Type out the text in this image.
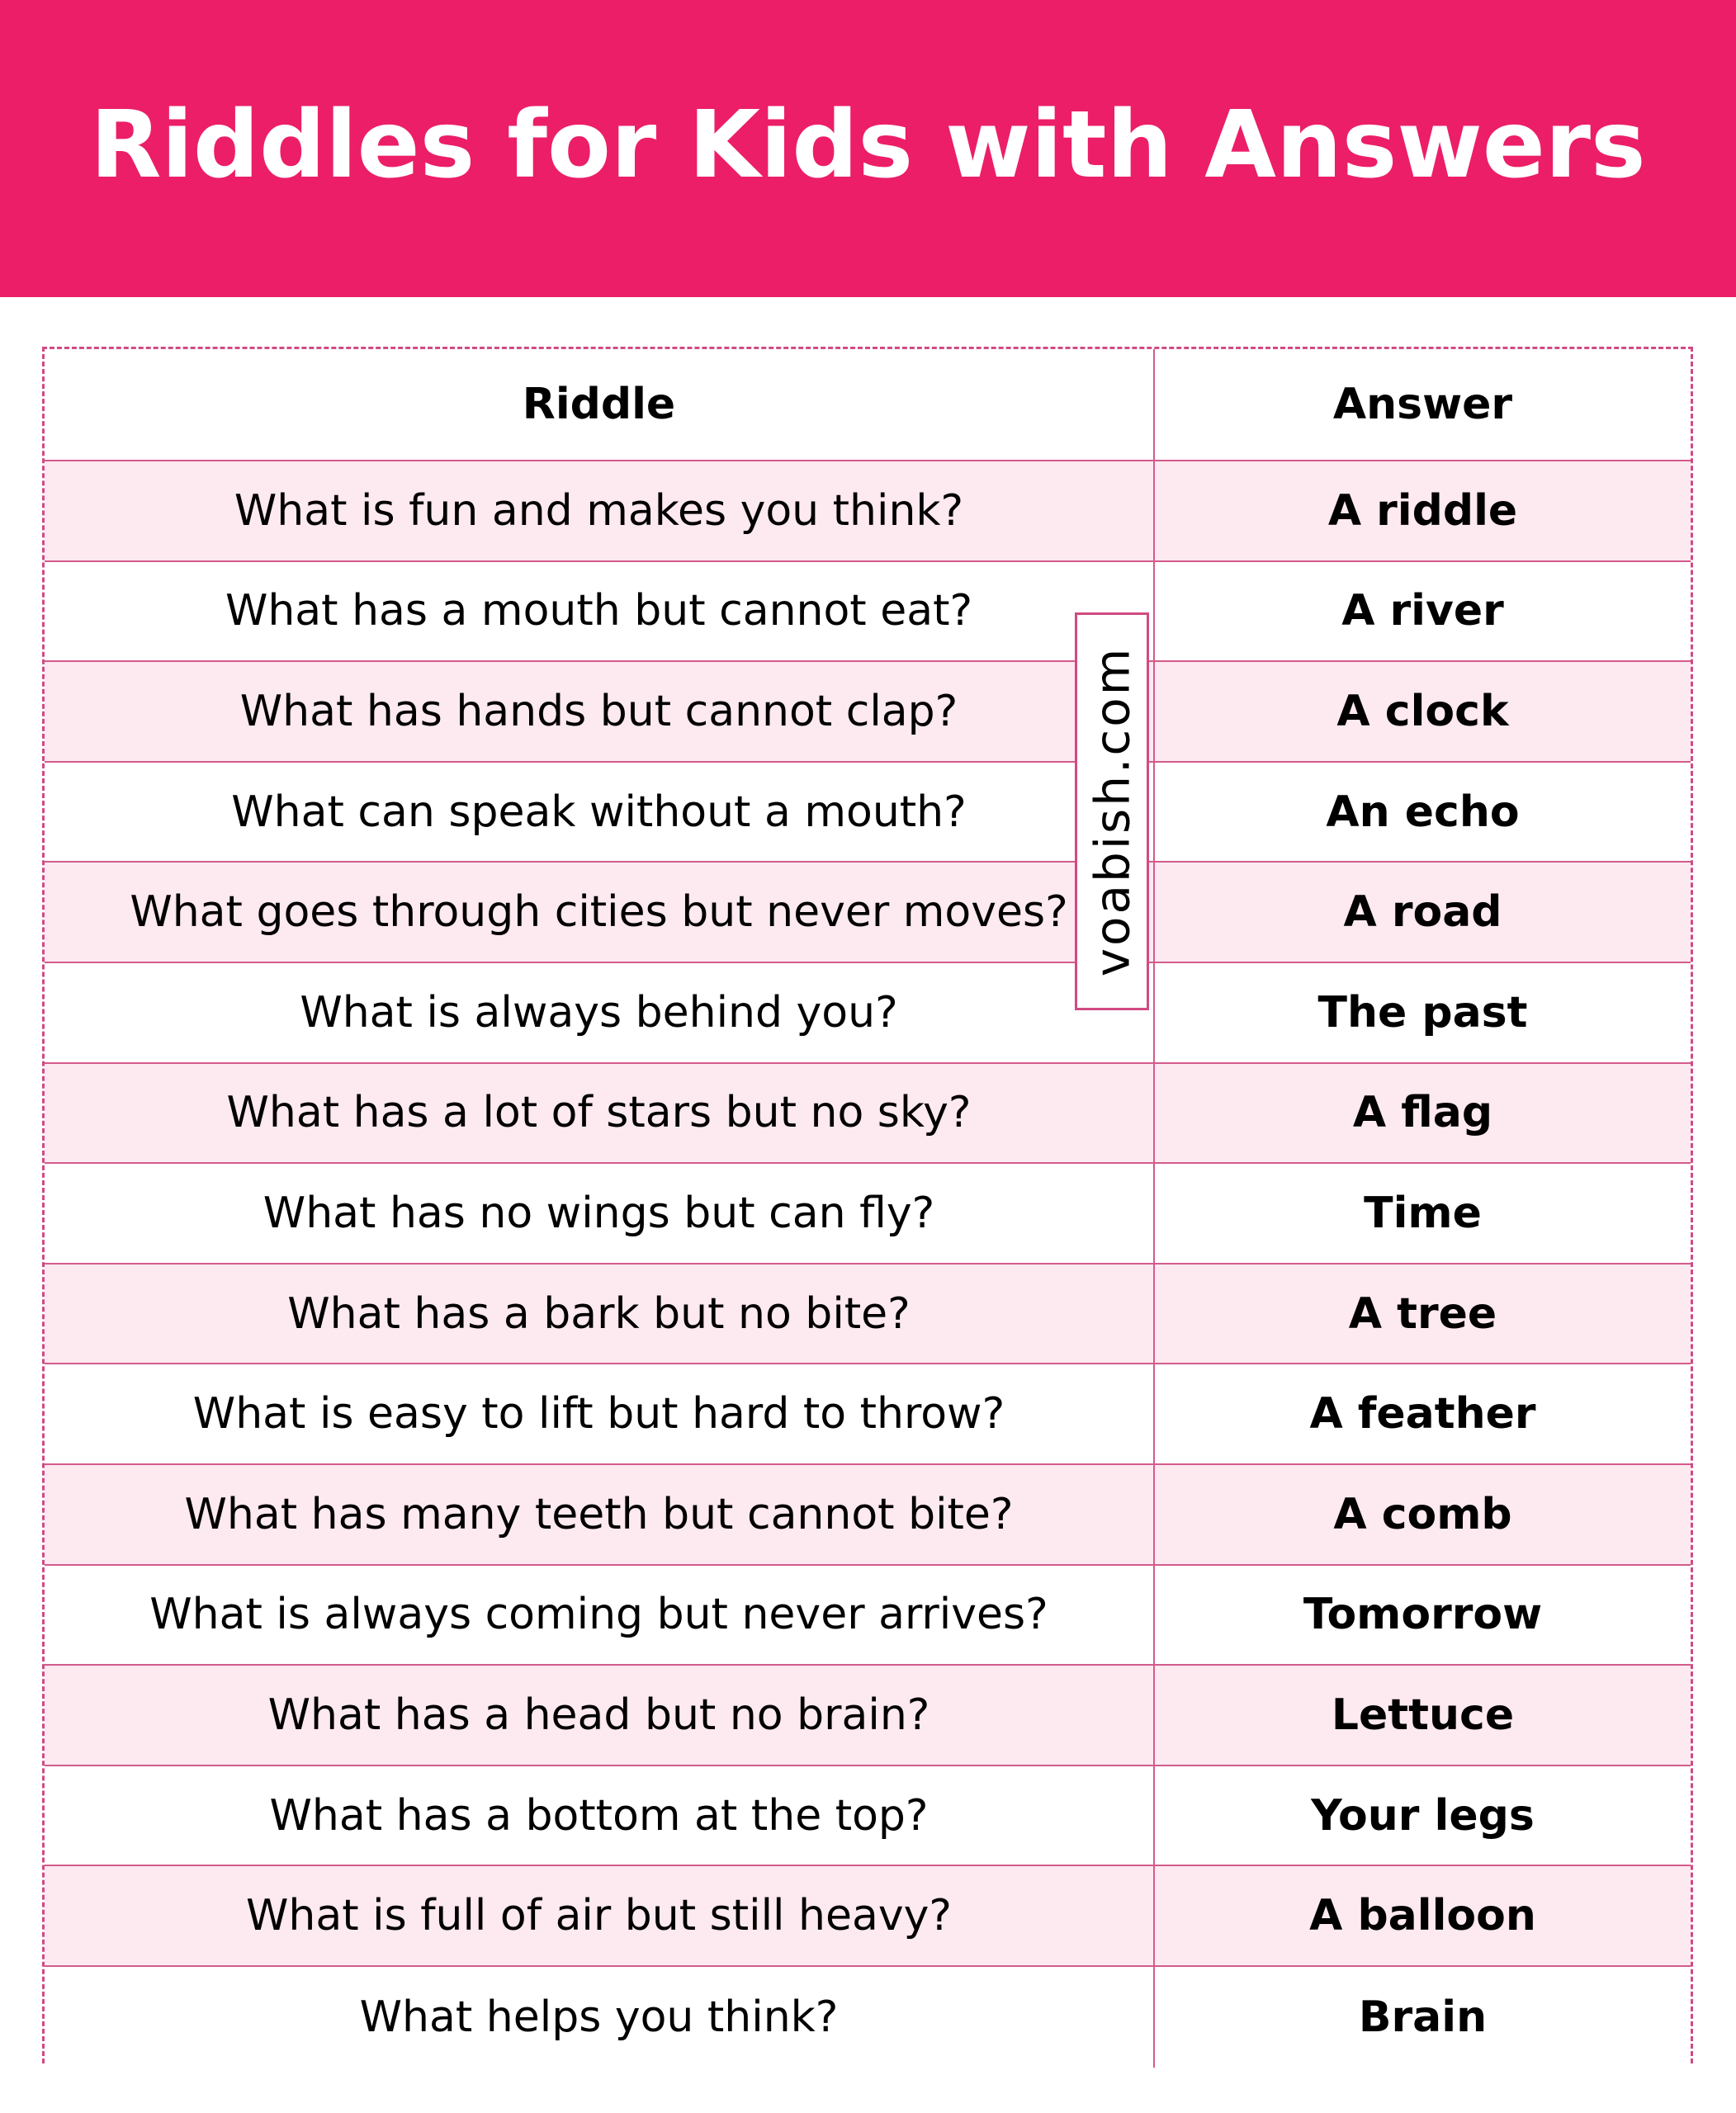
Riddles for Kids with Answers
Riddle	Answer
What is fun and makes you think?	A riddle
What has a mouth but cannot eat?	A river
What has hands but cannot clap?	A clock
What can speak without a mouth?	An echo
What goes through cities but never moves?	A road
What is always behind you?	The past
What has a lot of stars but no sky?	A flag
What has no wings but can fly?	Time
What has a bark but no bite?	A tree
What is easy to lift but hard to throw?	A feather
What has many teeth but cannot bite?	A comb
What is always coming but never arrives?	Tomorrow
What has a head but no brain?	Lettuce
What has a bottom at the top?	Your legs
What is full of air but still heavy?	A balloon
What helps you think?	Brain
voabish.com
